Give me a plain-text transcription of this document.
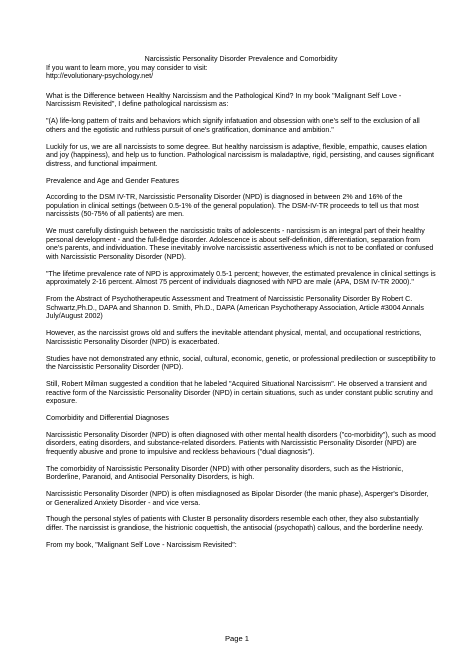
Narcissistic Personality Disorder Prevalence and Comorbidity
If you want to learn more, you may consider to visit:
http://evolutionary-psychology.net/

What is the Difference between Healthy Narcissism and the Pathological Kind? In my book "Malignant Self Love - Narcissism Revisited", I define pathological narcissism as:

"(A) life-long pattern of traits and behaviors which signify infatuation and obsession with one's self to the exclusion of all others and the egotistic and ruthless pursuit of one's gratification, dominance and ambition."

Luckily for us, we are all narcissists to some degree. But healthy narcissism is adaptive, flexible, empathic, causes elation and joy (happiness), and help us to function. Pathological narcissism is maladaptive, rigid, persisting, and causes significant distress, and functional impairment.

Prevalence and Age and Gender Features

According to the DSM IV-TR, Narcissistic Personality Disorder (NPD) is diagnosed in between 2% and 16% of the population in clinical settings (between 0.5-1% of the general population). The DSM-IV-TR proceeds to tell us that most narcissists (50-75% of all patients) are men.

We must carefully distinguish between the narcissistic traits of adolescents - narcissism is an integral part of their healthy personal development - and the full-fledge disorder. Adolescence is about self-definition, differentiation, separation from one's parents, and individuation. These inevitably involve narcissistic assertiveness which is not to be conflated or confused with Narcissistic Personality Disorder (NPD).

"The lifetime prevalence rate of NPD is approximately 0.5-1 percent; however, the estimated prevalence in clinical settings is approximately 2-16 percent. Almost 75 percent of individuals diagnosed with NPD are male (APA, DSM IV-TR 2000)."

From the Abstract of Psychotherapeutic Assessment and Treatment of Narcissistic Personality Disorder By Robert C. Schwartz,Ph.D., DAPA and Shannon D. Smith, Ph.D., DAPA (American Psychotherapy Association, Article #3004 Annals July/August 2002)

However, as the narcissist grows old and suffers the inevitable attendant physical, mental, and occupational restrictions, Narcissistic Personality Disorder (NPD) is exacerbated.

Studies have not demonstrated any ethnic, social, cultural, economic, genetic, or professional predilection or susceptibility to the Narcissistic Personality Disorder (NPD).

Still, Robert Milman suggested a condition that he labeled "Acquired Situational Narcissism". He observed a transient and reactive form of the Narcissistic Personality Disorder (NPD) in certain situations, such as under constant public scrutiny and exposure.

Comorbidity and Differential Diagnoses

Narcissistic Personality Disorder (NPD) is often diagnosed with other mental health disorders ("co-morbidity"), such as mood disorders, eating disorders, and substance-related disorders. Patients with Narcissistic Personality Disorder (NPD) are frequently abusive and prone to impulsive and reckless behaviours ("dual diagnosis").

The comorbidity of Narcissistic Personality Disorder (NPD) with other personality disorders, such as the Histrionic, Borderline, Paranoid, and Antisocial Personality Disorders, is high.

Narcissistic Personality Disorder (NPD) is often misdiagnosed as Bipolar Disorder (the manic phase), Asperger's Disorder, or Generalized Anxiety Disorder - and vice versa.

Though the personal styles of patients with Cluster B personality disorders resemble each other, they also substantially differ. The narcissist is grandiose, the histrionic coquettish, the antisocial (psychopath) callous, and the borderline needy.

From my book, "Malignant Self Love - Narcissism Revisited":

Page 1
